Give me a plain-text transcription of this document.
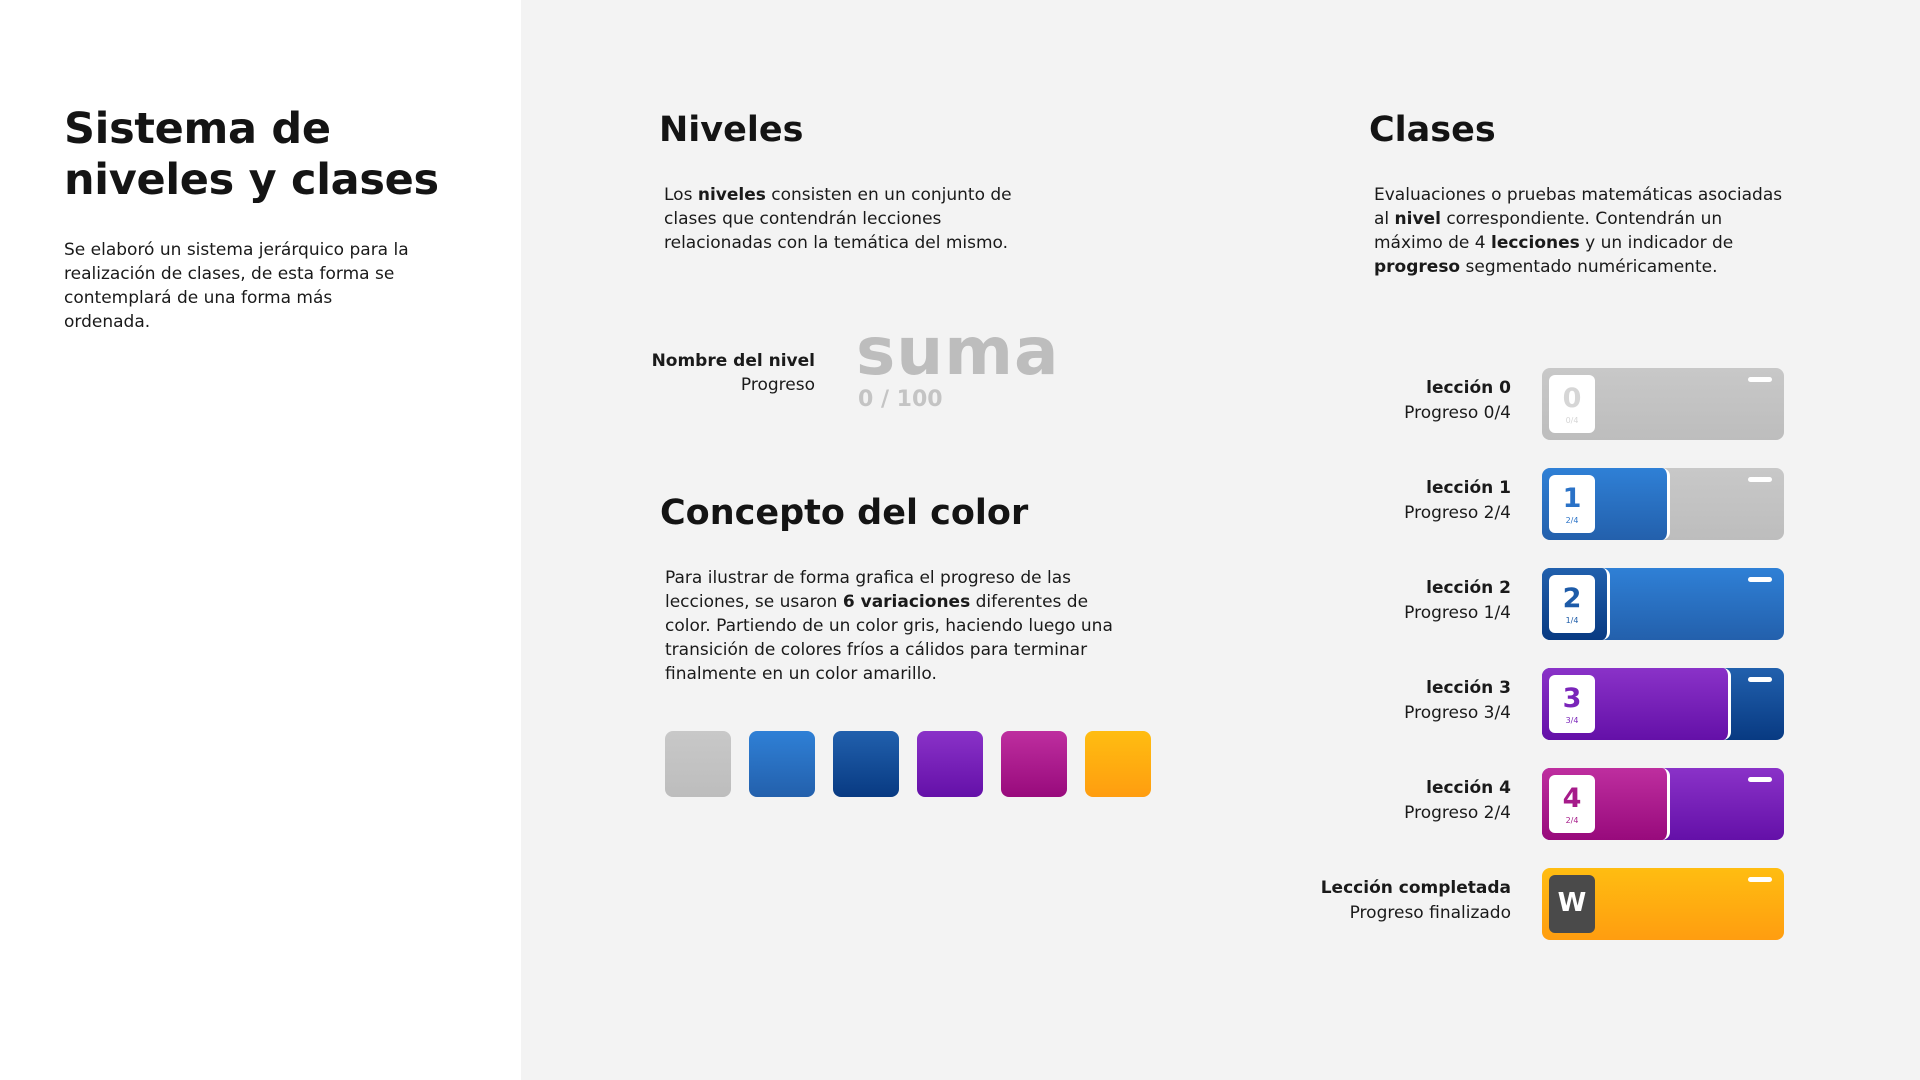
Sistema de niveles y clases

Se elaboró un sistema jerárquico para la realización de clases, de esta forma se contemplará de una forma más ordenada.

Niveles

Los niveles consisten en un conjunto de clases que contendrán lecciones relacionadas con la temática del mismo.

Nombre del nivel
Progreso suma
0 / 100
Concepto del color

Para ilustrar de forma grafica el progreso de las lecciones, se usaron 6 variaciones diferentes de color. Partiendo de un color gris, haciendo luego una transición de colores fríos a cálidos para terminar finalmente en un color amarillo.

Clases

Evaluaciones o pruebas matemáticas asociadas al nivel correspondiente. Contendrán un máximo de 4 lecciones y un indicador de progreso segmentado numéricamente.

lección 0
Progreso 0/4	0
0/4
lección 1
Progreso 2/4	1
2/4
lección 2
Progreso 1/4	2
1/4
lección 3
Progreso 3/4	3
3/4
lección 4
Progreso 2/4	4
2/4
Lección completada
Progreso finalizado	W
